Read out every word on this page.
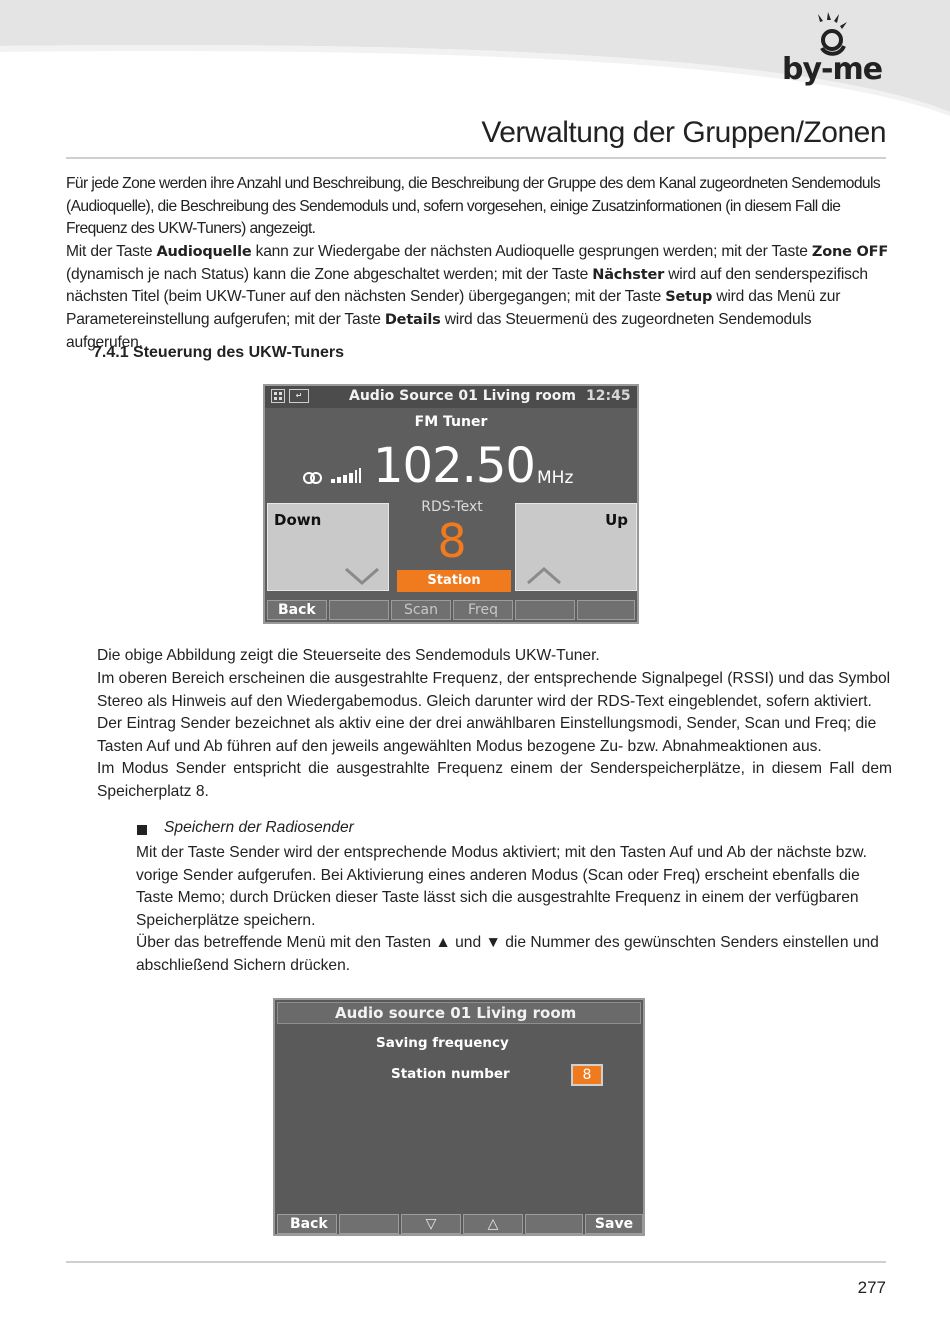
by-me
Verwaltung der Gruppen/Zonen
Für jede Zone werden ihre Anzahl und Beschreibung, die Beschreibung der Gruppe des dem Kanal zugeordneten Sendemoduls (Audioquelle), die Beschreibung des Sendemoduls und, sofern vorgesehen, einige Zusatzinformationen (in diesem Fall die Frequenz des UKW-Tuners) angezeigt.

Mit der Taste Audioquelle kann zur Wiedergabe der nächsten Audioquelle gesprungen werden; mit der Taste Zone OFF (dynamisch je nach Status) kann die Zone abgeschaltet werden; mit der Taste Nächster wird auf den senderspezifisch nächsten Titel (beim UKW-Tuner auf den nächsten Sender) übergegangen; mit der Taste Setup wird das Menü zur Parametereinstellung aufgerufen; mit der Taste Details wird das Steuermenü des zugeordneten Sendemoduls aufgerufen.

7.4.1 Steuerung des UKW-Tuners
↵	Audio Source 01 Living room 12:45
FM Tuner
102.50 MHz
Down
RDS-Text
8
Station
Up
Back	Scan	Freq
Die obige Abbildung zeigt die Steuerseite des Sendemoduls UKW-Tuner.
Im oberen Bereich erscheinen die ausgestrahlte Frequenz, der entsprechende Signalpegel (RSSI) und das Symbol Stereo als Hinweis auf den Wiedergabemodus. Gleich darunter wird der RDS-Text eingeblendet, sofern aktiviert.
Der Eintrag Sender bezeichnet als aktiv eine der drei anwählbaren Einstellungsmodi, Sender, Scan und Freq; die Tasten Auf und Ab führen auf den jeweils angewählten Modus bezogene Zu- bzw. Abnahmeaktionen aus.
Im Modus Sender entspricht die ausgestrahlte Frequenz einem der Senderspeicherplätze, in diesem Fall dem Speicherplatz 8.
Speichern der Radiosender
Mit der Taste Sender wird der entsprechende Modus aktiviert; mit den Tasten Auf und Ab der nächste bzw. vorige Sender aufgerufen. Bei Aktivierung eines anderen Modus (Scan oder Freq) erscheint ebenfalls die Taste Memo; durch Drücken dieser Taste lässt sich die ausgestrahlte Frequenz in einem der verfügbaren Speicherplätze speichern.

Über das betreffende Menü mit den Tasten ▲ und ▼ die Nummer des gewünschten Senders einstellen und abschließend Sichern drücken.

Audio source 01 Living room
Saving frequency
Station number	8
Back	▽	△	Save
277
